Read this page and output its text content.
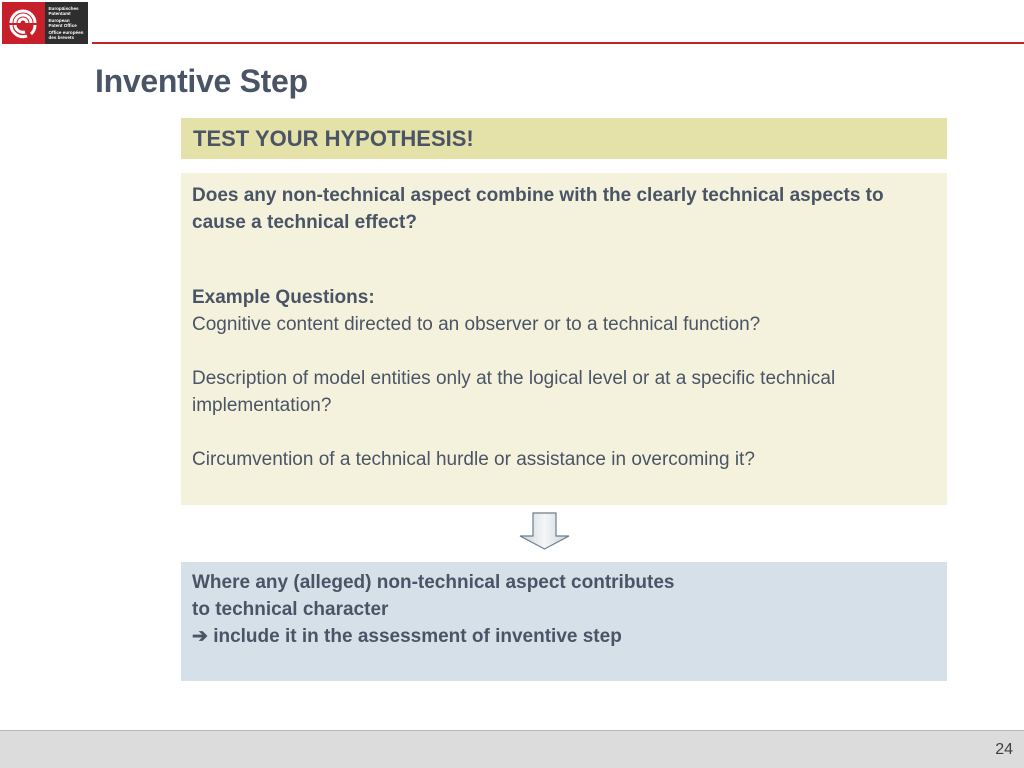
Europäisches
Patentamt
European
Patent Office
Office européen
des brevets
Inventive Step
TEST YOUR HYPOTHESIS!

Does any non-technical aspect combine with the clearly technical aspects to cause a technical effect?

Example Questions:

Cognitive content directed to an observer or to a technical function?

Description of model entities only at the logical level or at a specific technical implementation?

Circumvention of a technical hurdle or assistance in overcoming it?

Where any (alleged) non-technical aspect contributes

to technical character

➔ include it in the assessment of inventive step

24
